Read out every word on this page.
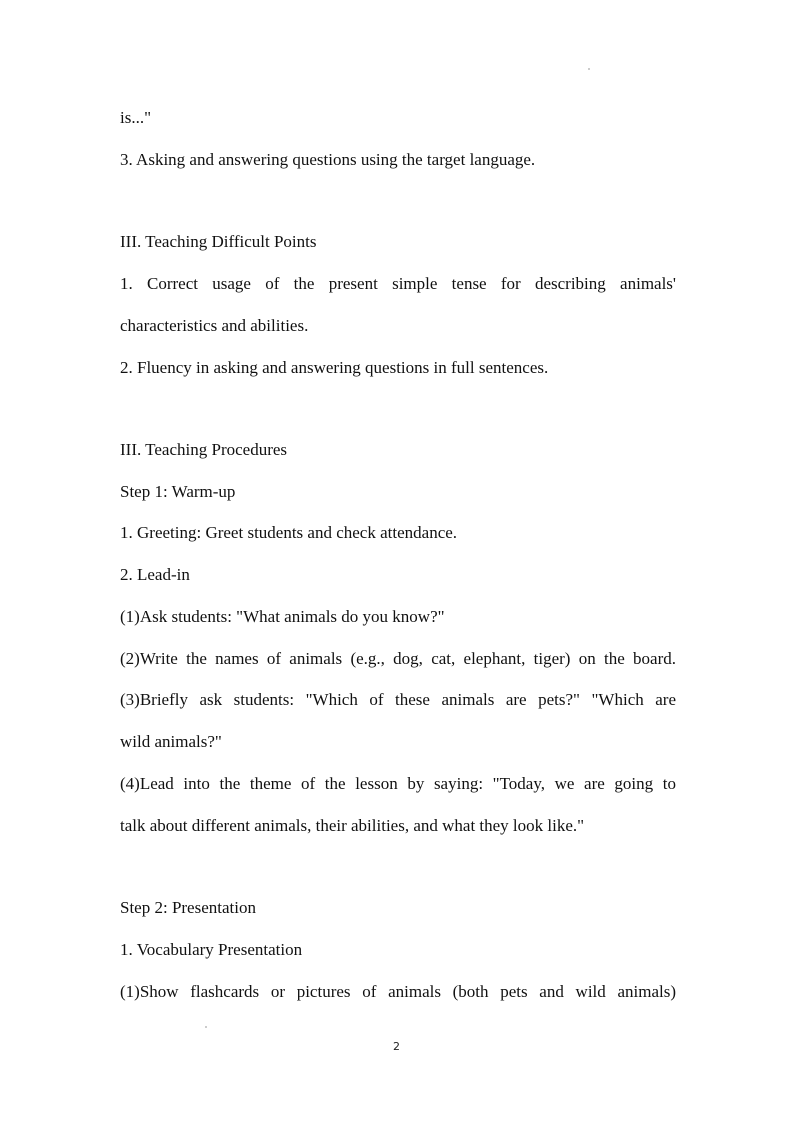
is..."
3. Asking and answering questions using the target language.
III. Teaching Difficult Points
1. Correct usage of the present simple tense for describing animals'
characteristics and abilities.
2. Fluency in asking and answering questions in full sentences.
III. Teaching Procedures
Step 1: Warm-up
1. Greeting: Greet students and check attendance.
2. Lead-in
(1)Ask students: "What animals do you know?"
(2)Write the names of animals (e.g., dog, cat, elephant, tiger) on the board.
(3)Briefly ask students: "Which of these animals are pets?" "Which are
wild animals?"
(4)Lead into the theme of the lesson by saying: "Today, we are going to
talk about different animals, their abilities, and what they look like."
Step 2: Presentation
1. Vocabulary Presentation
(1)Show flashcards or pictures of animals (both pets and wild animals)
2
